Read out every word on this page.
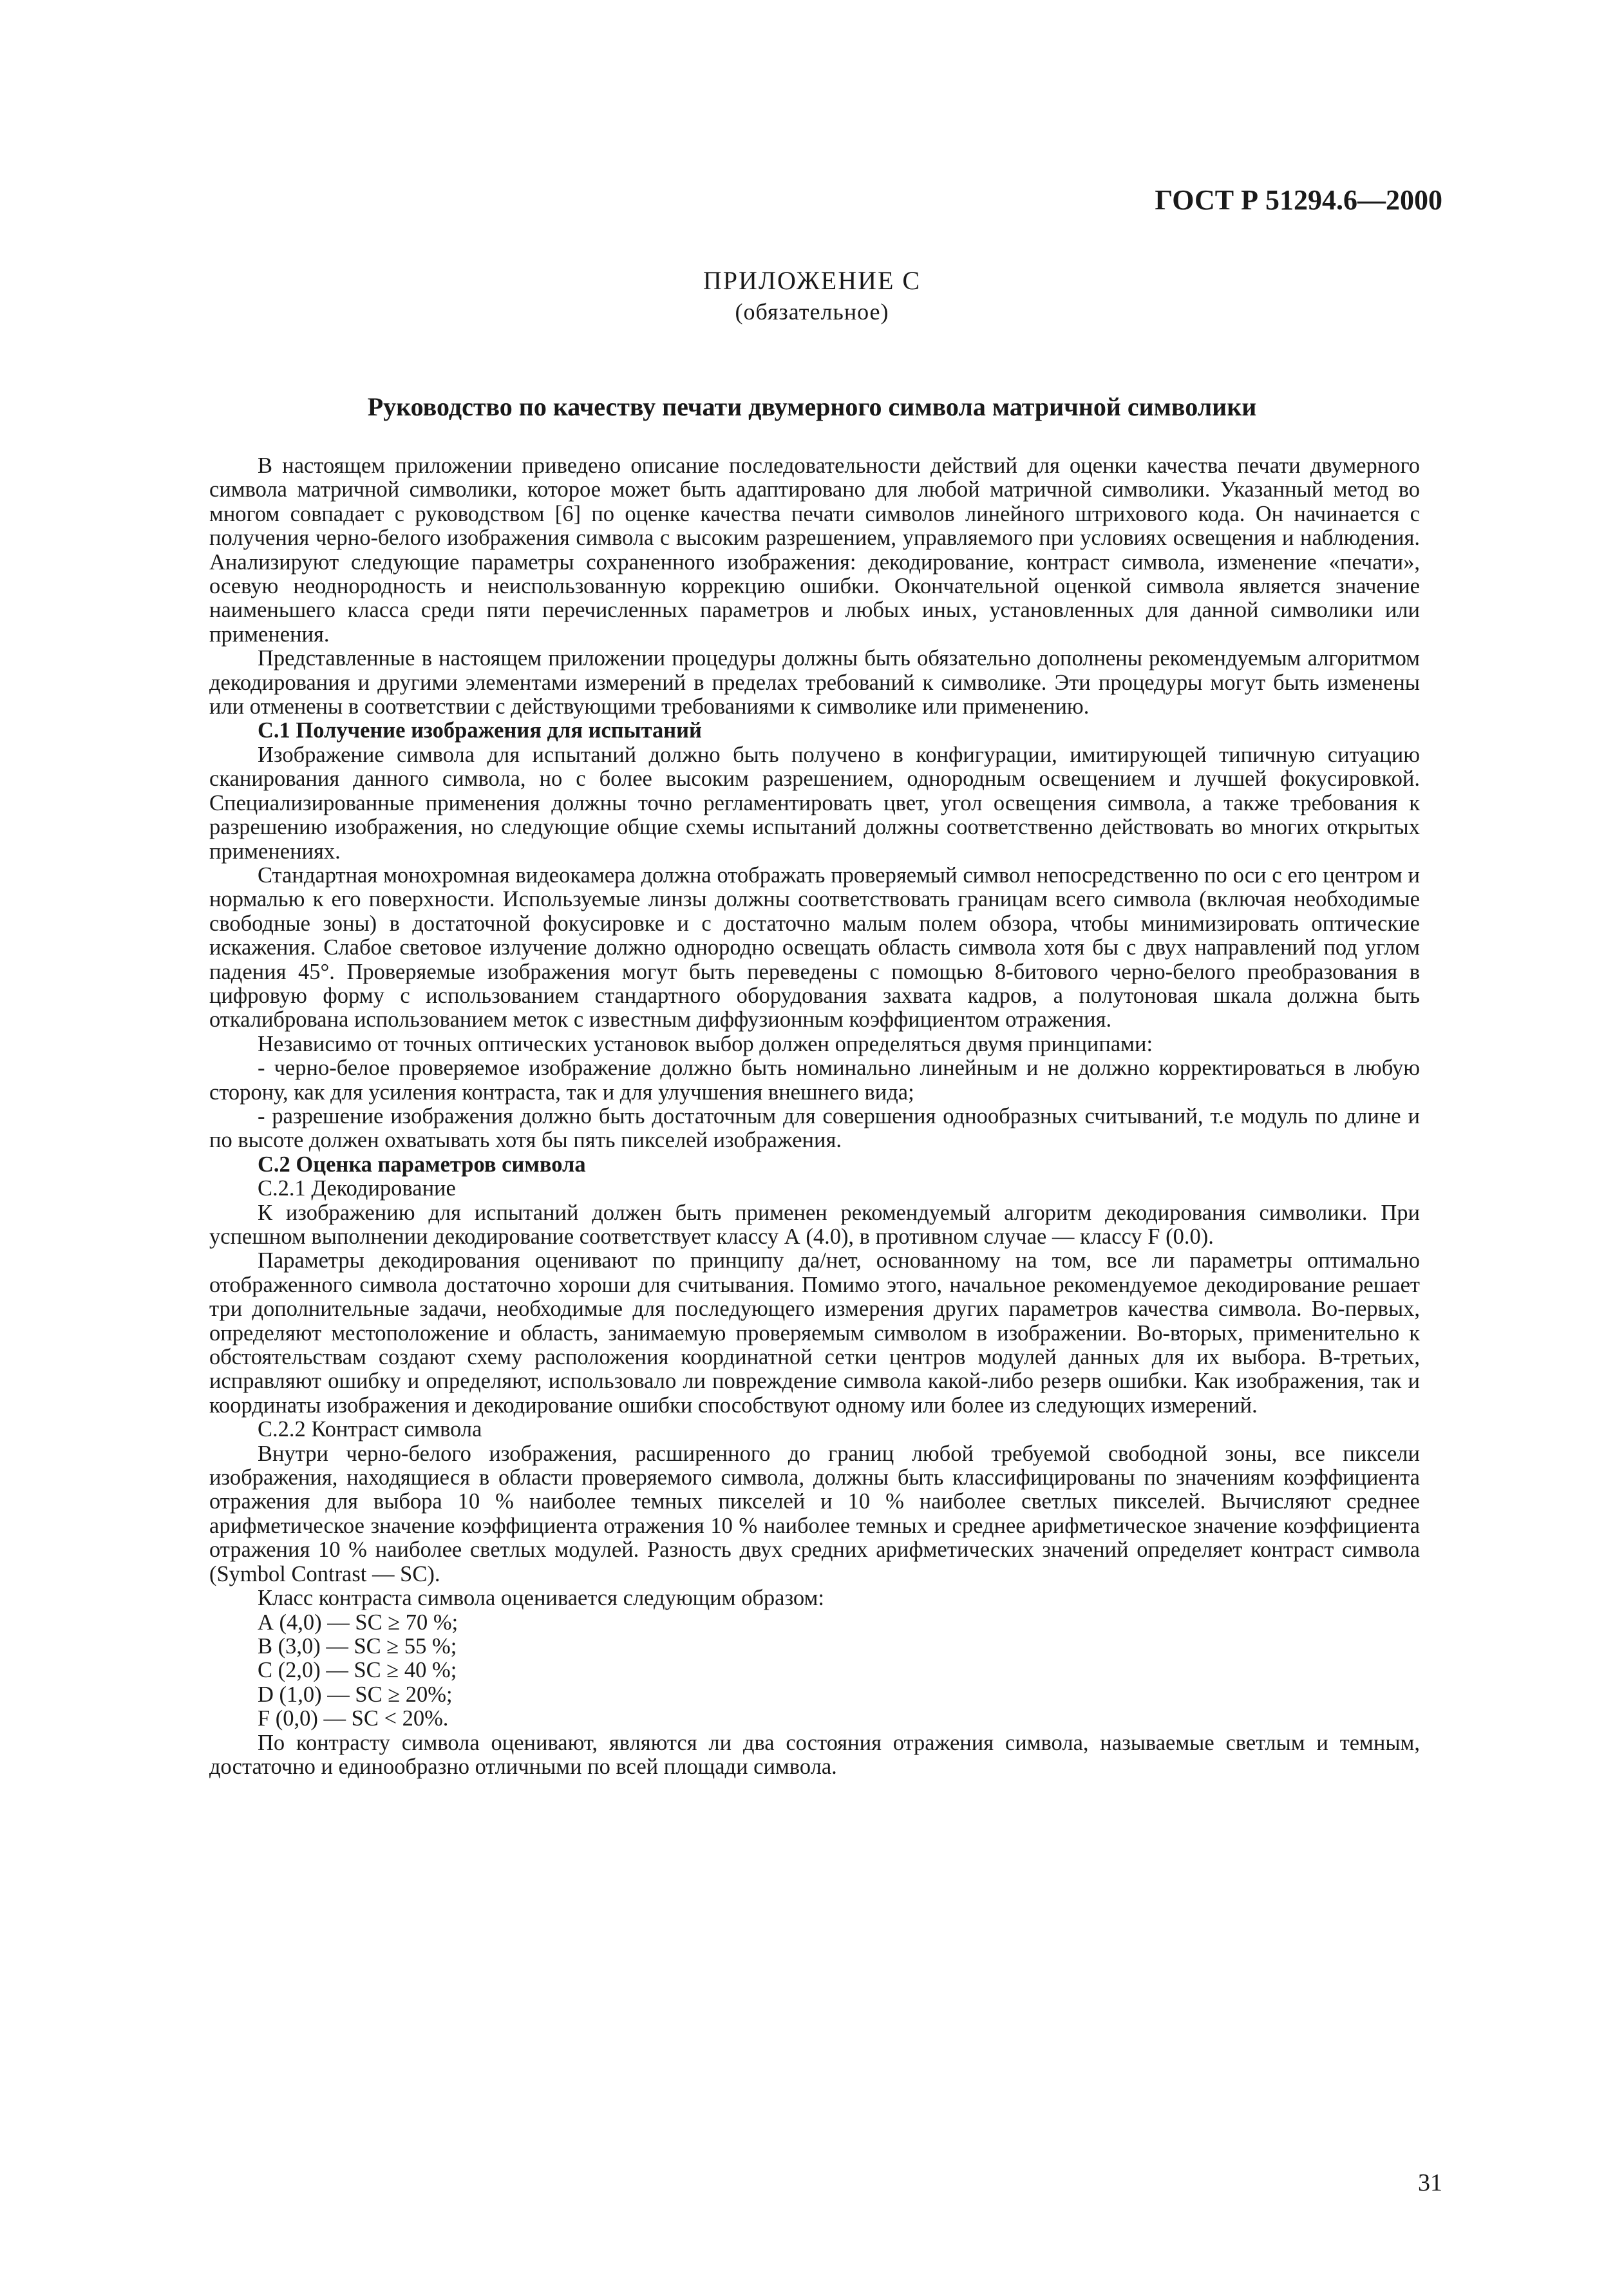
ГОСТ Р 51294.6—2000
ПРИЛОЖЕНИЕ С
(обязательное)
Руководство по качеству печати двумерного символа матричной символики

В настоящем приложении приведено описание последовательности действий для оценки качества печати двумерного символа матричной символики, которое может быть адаптировано для любой матричной символики. Указанный метод во многом совпадает с руководством [6] по оценке качества печати символов линейного штрихового кода. Он начинается с получения черно-белого изображения символа с высоким разрешением, управляемого при условиях освещения и наблюдения. Анализируют следующие параметры сохраненного изображения: декодирование, контраст символа, изменение «печати», осевую неоднородность и неиспользованную коррекцию ошибки. Окончательной оценкой символа является значение наименьшего класса среди пяти перечисленных параметров и любых иных, установленных для данной символики или применения.

Представленные в настоящем приложении процедуры должны быть обязательно дополнены рекомендуемым алгоритмом декодирования и другими элементами измерений в пределах требований к символике. Эти процедуры могут быть изменены или отменены в соответствии с действующими требованиями к символике или применению.

С.1 Получение изображения для испытаний

Изображение символа для испытаний должно быть получено в конфигурации, имитирующей типичную ситуацию сканирования данного символа, но с более высоким разрешением, однородным освещением и лучшей фокусировкой. Специализированные применения должны точно регламентировать цвет, угол освещения символа, а также требования к разрешению изображения, но следующие общие схемы испытаний должны соответственно действовать во многих открытых применениях.

Стандартная монохромная видеокамера должна отображать проверяемый символ непосредственно по оси с его центром и нормалью к его поверхности. Используемые линзы должны соответствовать границам всего символа (включая необходимые свободные зоны) в достаточной фокусировке и с достаточно малым полем обзора, чтобы минимизировать оптические искажения. Слабое световое излучение должно однородно освещать область символа хотя бы с двух направлений под углом падения 45°. Проверяемые изображения могут быть переведены с помощью 8-битового черно-белого преобразования в цифровую форму с использованием стандартного оборудования захвата кадров, а полутоновая шкала должна быть откалибрована использованием меток с известным диффузионным коэффициентом отражения.

Независимо от точных оптических установок выбор должен определяться двумя принципами:

- черно-белое проверяемое изображение должно быть номинально линейным и не должно корректироваться в любую сторону, как для усиления контраста, так и для улучшения внешнего вида;

- разрешение изображения должно быть достаточным для совершения однообразных считываний, т.е модуль по длине и по высоте должен охватывать хотя бы пять пикселей изображения.

С.2 Оценка параметров символа

С.2.1 Декодирование

К изображению для испытаний должен быть применен рекомендуемый алгоритм декодирования символики. При успешном выполнении декодирование соответствует классу А (4.0), в противном случае — классу F (0.0).

Параметры декодирования оценивают по принципу да/нет, основанному на том, все ли параметры оптимально отображенного символа достаточно хороши для считывания. Помимо этого, начальное рекомендуемое декодирование решает три дополнительные задачи, необходимые для последующего измерения других параметров качества символа. Во-первых, определяют местоположение и область, занимаемую проверяемым символом в изображении. Во-вторых, применительно к обстоятельствам создают схему расположения координатной сетки центров модулей данных для их выбора. В-третьих, исправляют ошибку и определяют, использовало ли повреждение символа какой-либо резерв ошибки. Как изображения, так и координаты изображения и декодирование ошибки способствуют одному или более из следующих измерений.

С.2.2 Контраст символа

Внутри черно-белого изображения, расширенного до границ любой требуемой свободной зоны, все пиксели изображения, находящиеся в области проверяемого символа, должны быть классифицированы по значениям коэффициента отражения для выбора 10 % наиболее темных пикселей и 10 % наиболее светлых пикселей. Вычисляют среднее арифметическое значение коэффициента отражения 10 % наиболее темных и среднее арифметическое значение коэффициента отражения 10 % наиболее светлых модулей. Разность двух средних арифметических значений определяет контраст символа (Symbol Contrast — SC).

Класс контраста символа оценивается следующим образом:

А (4,0) — SC ≥ 70 %;

B (3,0) — SC ≥ 55 %;

C (2,0) — SC ≥ 40 %;

D (1,0) — SC ≥ 20%;

F (0,0) — SC < 20%.

По контрасту символа оценивают, являются ли два состояния отражения символа, называемые светлым и темным, достаточно и единообразно отличными по всей площади символа.

31
